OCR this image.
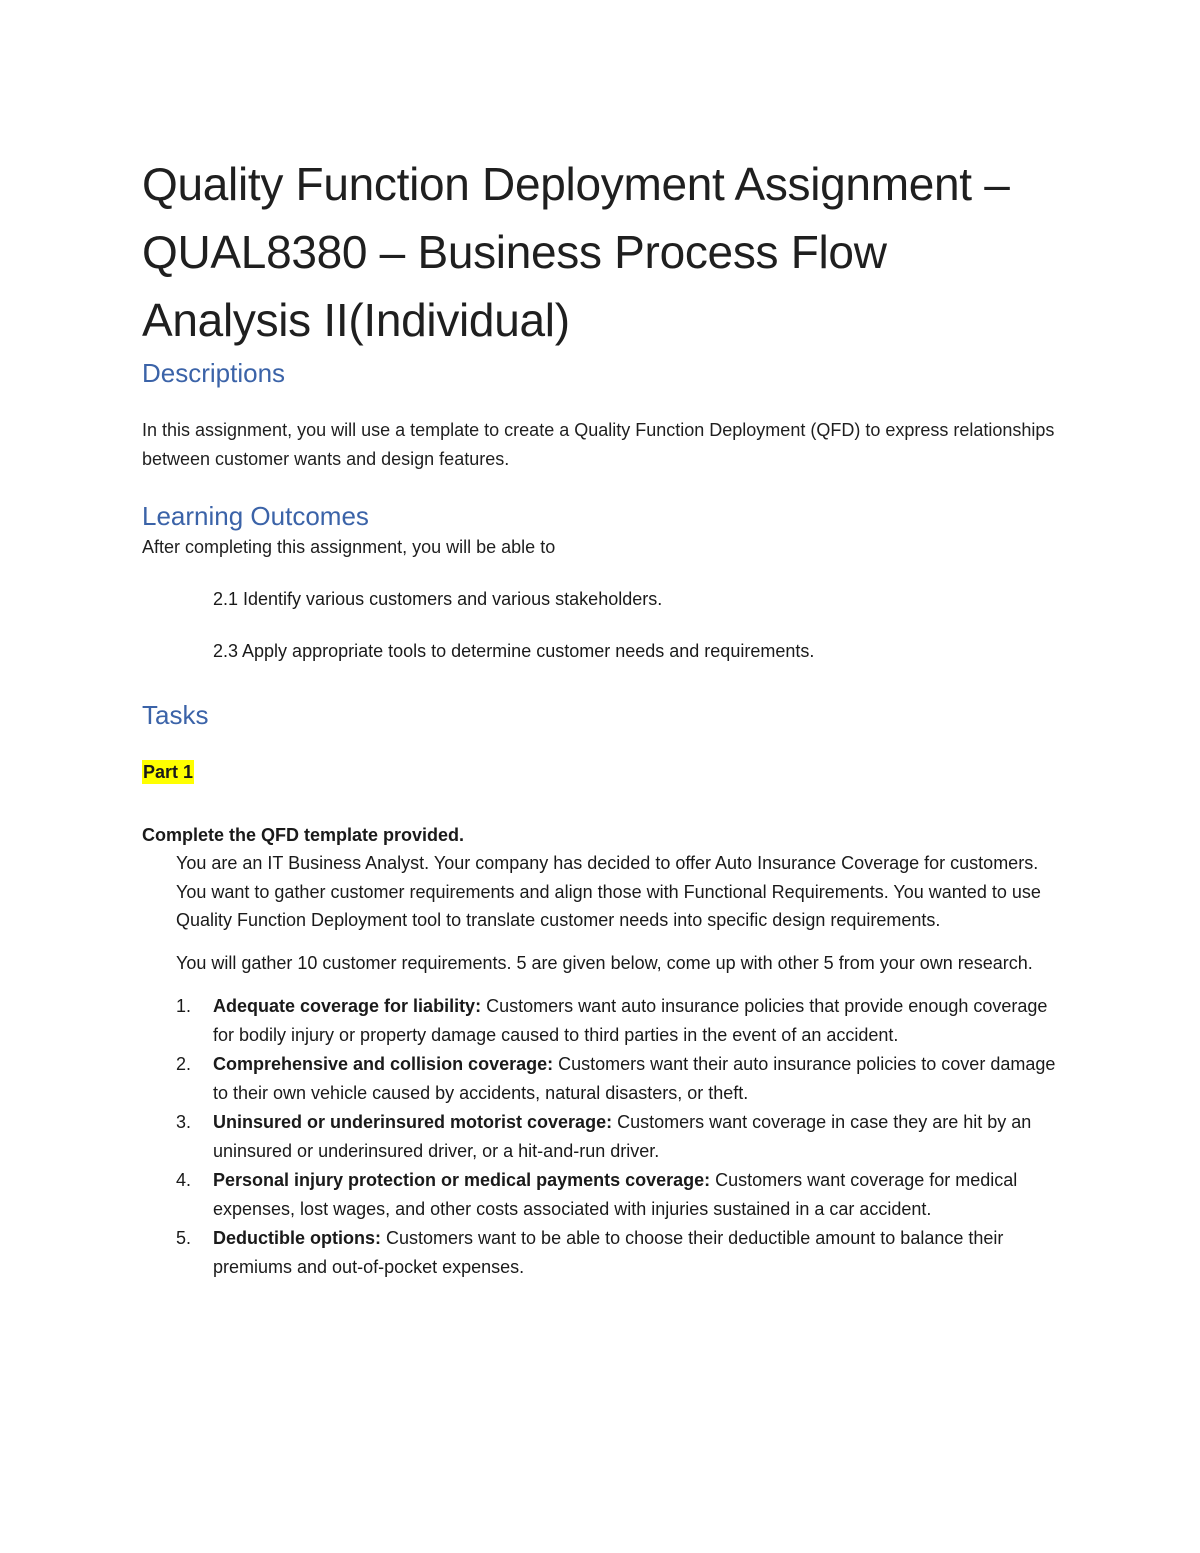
Quality Function Deployment Assignment –
QUAL8380 – Business Process Flow
Analysis II(Individual)
Descriptions

In this assignment, you will use a template to create a Quality Function Deployment (QFD) to express relationships between customer wants and design features.

Learning Outcomes

After completing this assignment, you will be able to

2.1 Identify various customers and various stakeholders.

2.3 Apply appropriate tools to determine customer needs and requirements.

Tasks
Part 1

Complete the QFD template provided.

You are an IT Business Analyst. Your company has decided to offer Auto Insurance Coverage for customers. You want to gather customer requirements and align those with Functional Requirements. You wanted to use Quality Function Deployment tool to translate customer needs into specific design requirements.

You will gather 10 customer requirements. 5 are given below, come up with other 5 from your own research.

1. Adequate coverage for liability: Customers want auto insurance policies that provide enough coverage for bodily injury or property damage caused to third parties in the event of an accident.
2. Comprehensive and collision coverage: Customers want their auto insurance policies to cover damage to their own vehicle caused by accidents, natural disasters, or theft.
3. Uninsured or underinsured motorist coverage: Customers want coverage in case they are hit by an uninsured or underinsured driver, or a hit-and-run driver.
4. Personal injury protection or medical payments coverage: Customers want coverage for medical expenses, lost wages, and other costs associated with injuries sustained in a car accident.
5. Deductible options: Customers want to be able to choose their deductible amount to balance their premiums and out-of-pocket expenses.
